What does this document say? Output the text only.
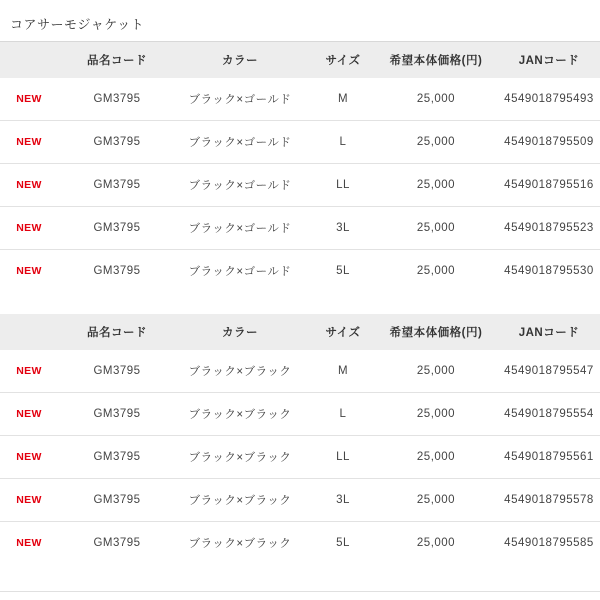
コアサーモジャケット
	品名コード	カラー	サイズ	希望本体価格(円)	JANコード
NEW	GM3795	ブラック×ゴールド	M	25,000	4549018795493
NEW	GM3795	ブラック×ゴールド	L	25,000	4549018795509
NEW	GM3795	ブラック×ゴールド	LL	25,000	4549018795516
NEW	GM3795	ブラック×ゴールド	3L	25,000	4549018795523
NEW	GM3795	ブラック×ゴールド	5L	25,000	4549018795530
	品名コード	カラー	サイズ	希望本体価格(円)	JANコード
NEW	GM3795	ブラック×ブラック	M	25,000	4549018795547
NEW	GM3795	ブラック×ブラック	L	25,000	4549018795554
NEW	GM3795	ブラック×ブラック	LL	25,000	4549018795561
NEW	GM3795	ブラック×ブラック	3L	25,000	4549018795578
NEW	GM3795	ブラック×ブラック	5L	25,000	4549018795585
